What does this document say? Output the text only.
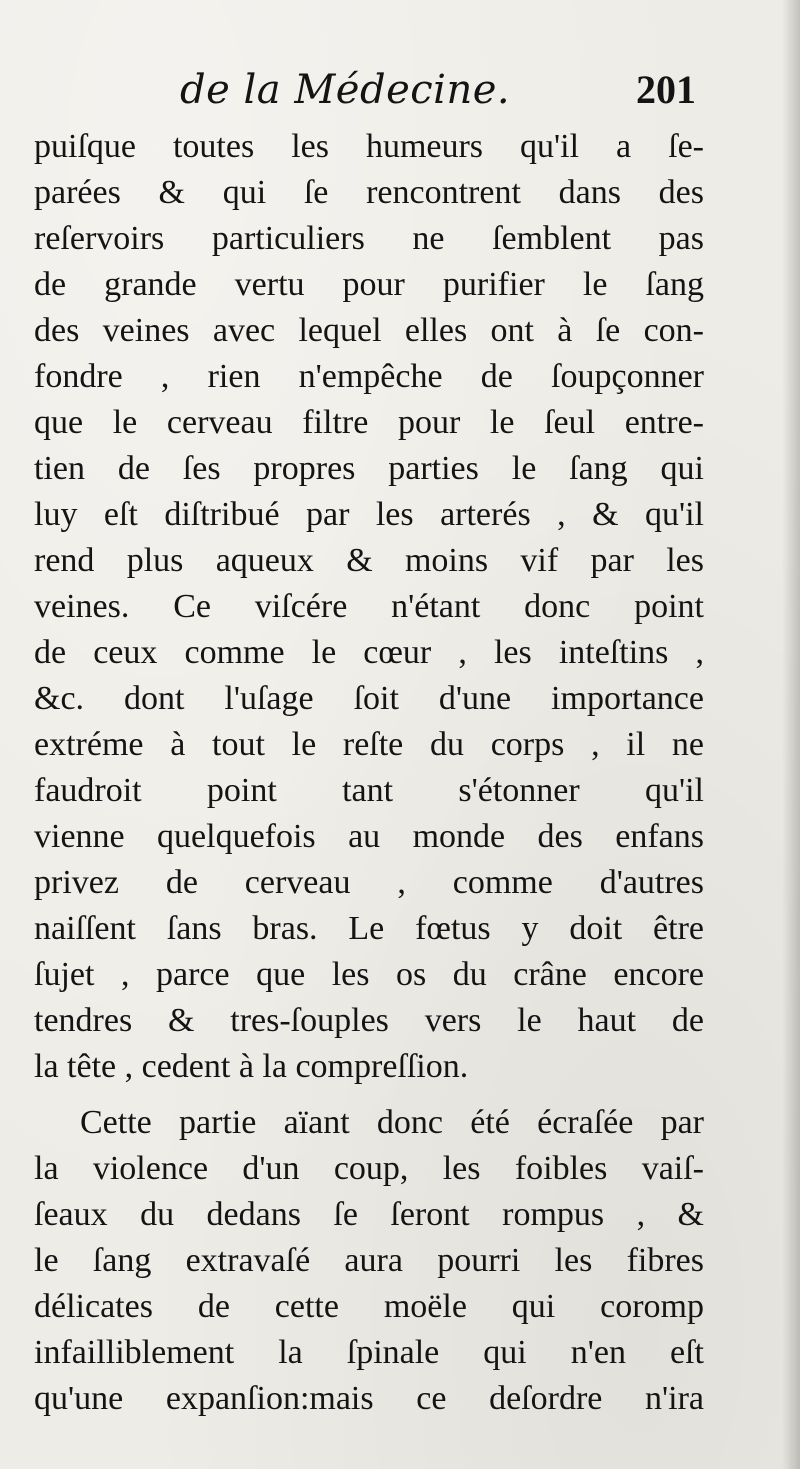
de la Médecine.	201
puiſque toutes les humeurs qu'il a ſe-
parées & qui ſe rencontrent dans des
reſervoirs particuliers ne ſemblent pas
de grande vertu pour purifier le ſang
des veines avec lequel elles ont à ſe con-
fondre , rien n'empêche de ſoupçonner
que le cerveau filtre pour le ſeul entre-
tien de ſes propres parties le ſang qui
luy eſt diſtribué par les arterés , & qu'il
rend plus aqueux & moins vif par les
veines. Ce viſcére n'étant donc point
de ceux comme le cœur , les inteſtins ,
&c. dont l'uſage ſoit d'une importance
extréme à tout le reſte du corps , il ne
faudroit point tant s'étonner qu'il
vienne quelquefois au monde des enfans
privez de cerveau , comme d'autres
naiſſent ſans bras. Le fœtus y doit être
ſujet , parce que les os du crâne encore
tendres & tres-ſouples vers le haut de
la tête , cedent à la compreſſion.
Cette partie aïant donc été écraſée par
la violence d'un coup, les foibles vaiſ-
ſeaux du dedans ſe ſeront rompus , &
le ſang extravaſé aura pourri les fibres
délicates de cette moële qui coromp
infailliblement la ſpinale qui n'en eſt
qu'une expanſion:mais ce deſordre n'ira
